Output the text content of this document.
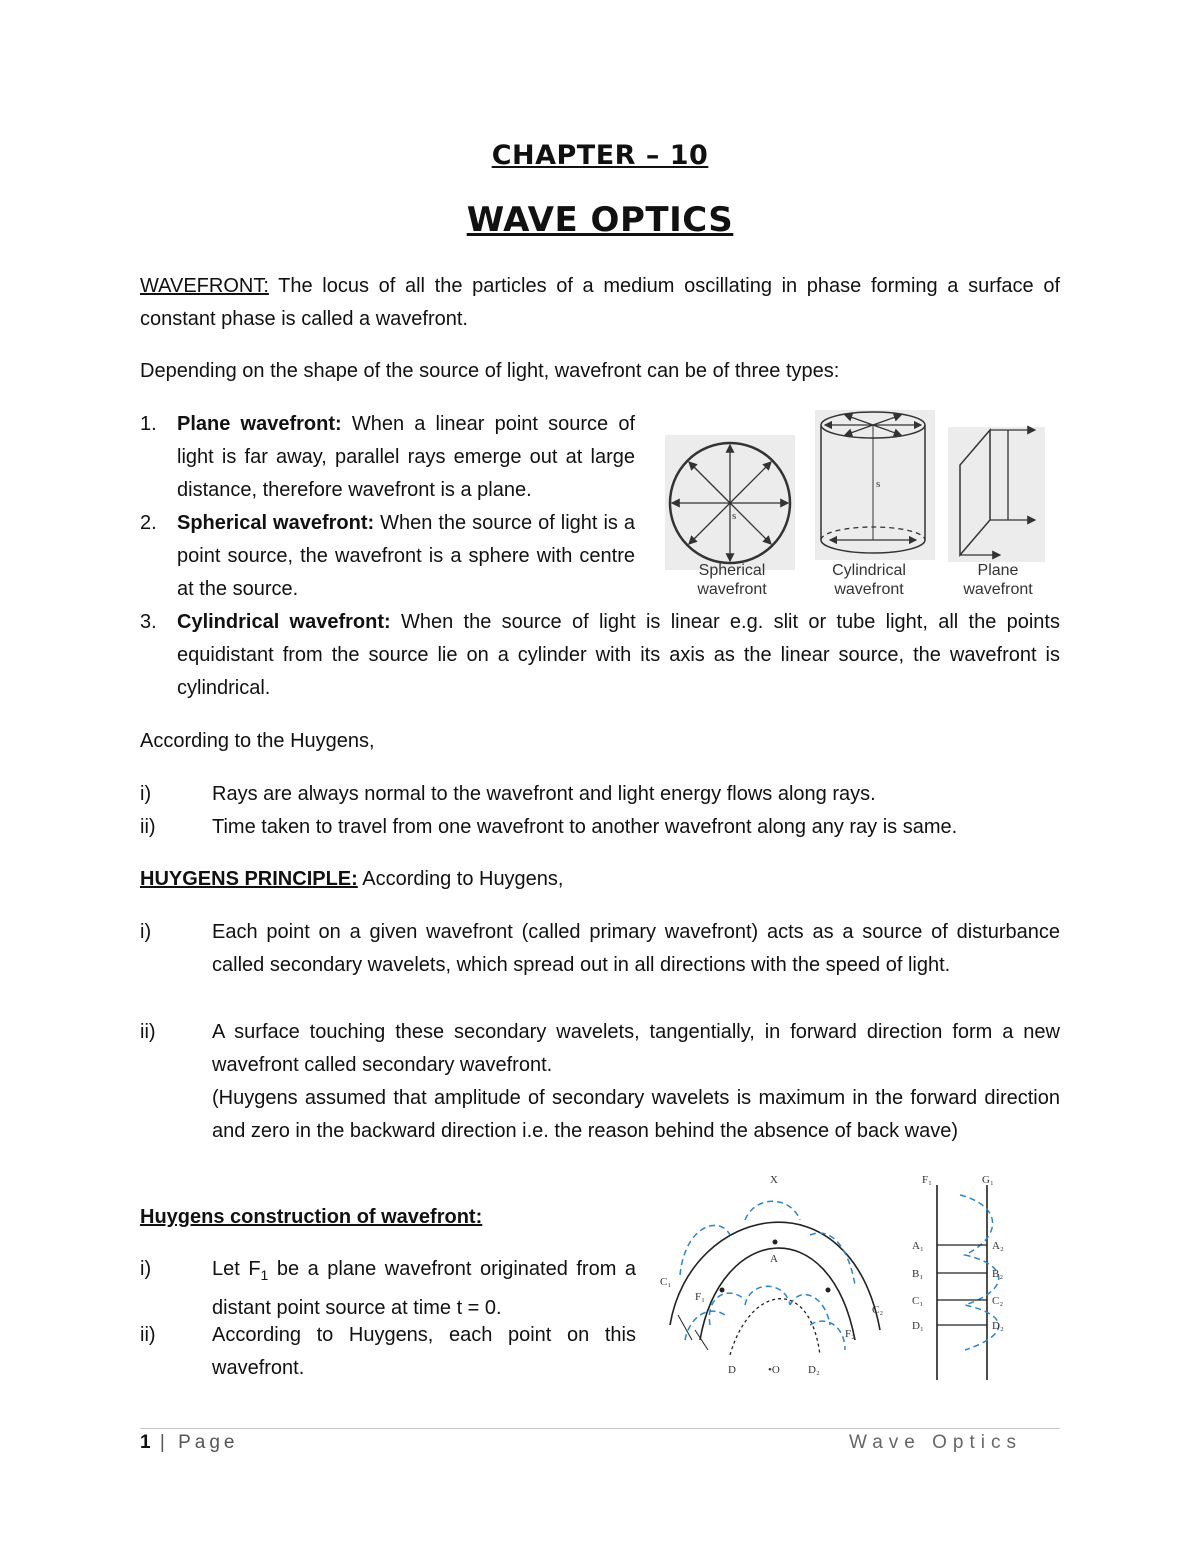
CHAPTER – 10
WAVE OPTICS
WAVEFRONT: The locus of all the particles of a medium oscillating in phase forming a surface of constant phase is called a wavefront.
Depending on the shape of the source of light, wavefront can be of three types:
1. Plane wavefront: When a linear point source of light is far away, parallel rays emerge out at large distance, therefore wavefront is a plane.
2. Spherical wavefront: When the source of light is a point source, the wavefront is a sphere with centre at the source.
3. Cylindrical wavefront: When the source of light is linear e.g. slit or tube light, all the points equidistant from the source lie on a cylinder with its axis as the linear source, the wavefront is cylindrical.
s
s
Spherical
wavefront
Cylindrical
wavefront
Plane
wavefront
According to the Huygens,
i)	Rays are always normal to the wavefront and light energy flows along rays.
ii)	Time taken to travel from one wavefront to another wavefront along any ray is same.
HUYGENS PRINCIPLE: According to Huygens,
i)	Each point on a given wavefront (called primary wavefront) acts as a source of disturbance called secondary wavelets, which spread out in all directions with the speed of light.
ii)	A surface touching these secondary wavelets, tangentially, in forward direction form a new wavefront called secondary wavefront.
(Huygens assumed that amplitude of secondary wavelets is maximum in the forward direction and zero in the backward direction i.e. the reason behind the absence of back wave)
Huygens construction of wavefront:
i)	Let $F_1$ be a plane wavefront originated from a distant point source at time t = 0.
ii)	According to Huygens, each point on this wavefront.
X
A
C₁
C₂
F₁
F₂
D	•O	D₂
F₁	G₁
A₁
B₁
C₁
D₁
A₂
B₂
C₂
D₂
1 | Page	Wave Optics
